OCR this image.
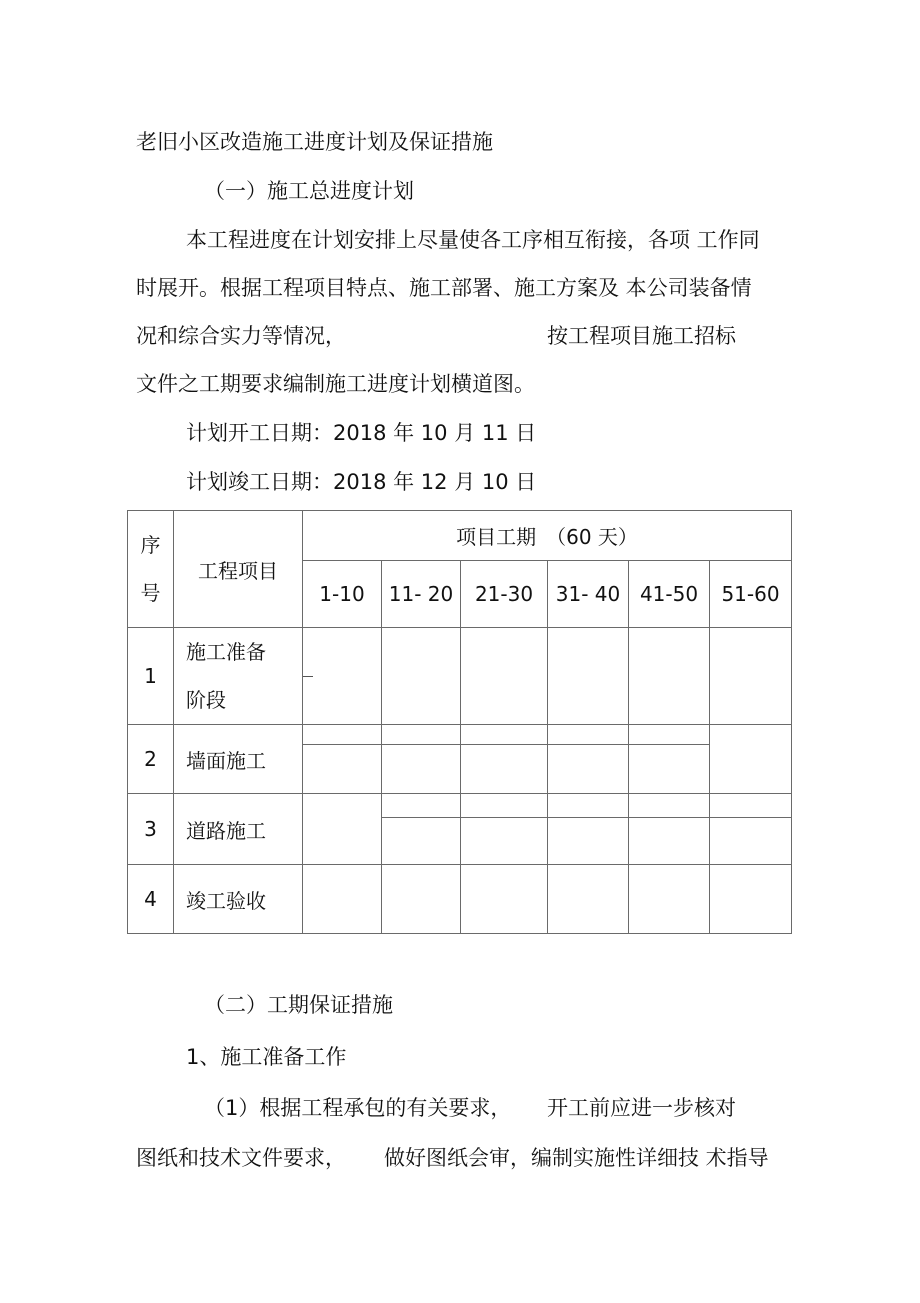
老旧小区改造施工进度计划及保证措施
（一）施工总进度计划
本工程进度在计划安排上尽量使各工序相互衔接，各项 工作同
时展开。根据工程项目特点、施工部署、施工方案及 本公司装备情
况和综合实力等情况，	按工程项目施工招标
文件之工期要求编制施工进度计划横道图。
计划开工日期：2018 年 10 月 11 日
计划竣工日期：2018 年 12 月 10 日
序
号	工程项目	项目工期　（60 天）					
		1-10	11- 20	21-30	31- 40	41-50	51-60
1	施工准备
阶段	

2	墙面施工	

3	道路施工		

4	竣工验收						
（二）工期保证措施
1、施工准备工作
（1）根据工程承包的有关要求， 开工前应进一步核对
图纸和技术文件要求， 做好图纸会审，编制实施性详细技 术指导
